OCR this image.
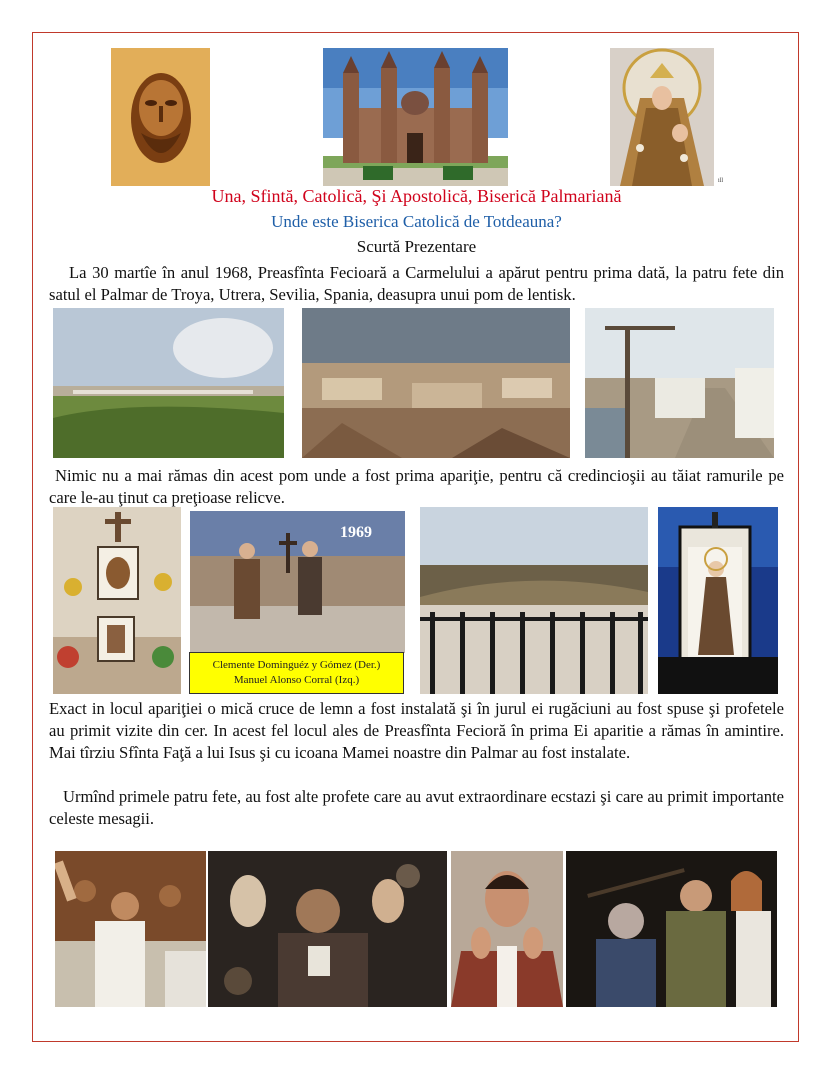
ill
Una, Sfintă, Catolică, Şi Apostolică, Biserică Palmariană
Unde este Biserica Catolică de Totdeauna?
Scurtă Prezentare
La 30 martîe în anul 1968, Preasfînta Fecioară a Carmelului a apărut pentru prima dată, la patru fete din satul el Palmar de Troya, Utrera, Sevilia, Spania, deasupra unui pom de lentisk.
Nimic nu a mai rămas din acest pom unde a fost prima apariţie, pentru că credincioşii au tăiat ramurile pe care le-au ţinut ca preţioase relicve.
1969
Clemente Dominguéz y Gómez (Der.)
Manuel Alonso Corral (Izq.)
Exact in locul apariţiei o mică cruce de lemn a fost instalată şi în jurul ei rugăciuni au fost spuse şi profetele au primit vizite din cer. In acest fel locul ales de Preasfînta Fecioră în prima Ei aparitie a rămas în amintire. Mai tîrziu Sfînta Faţă a lui Isus şi cu icoana Mamei noastre din Palmar au fost instalate.
Urmînd primele patru fete, au fost alte profete care au avut extraordinare ecstazi şi care au primit importante celeste mesagii.
